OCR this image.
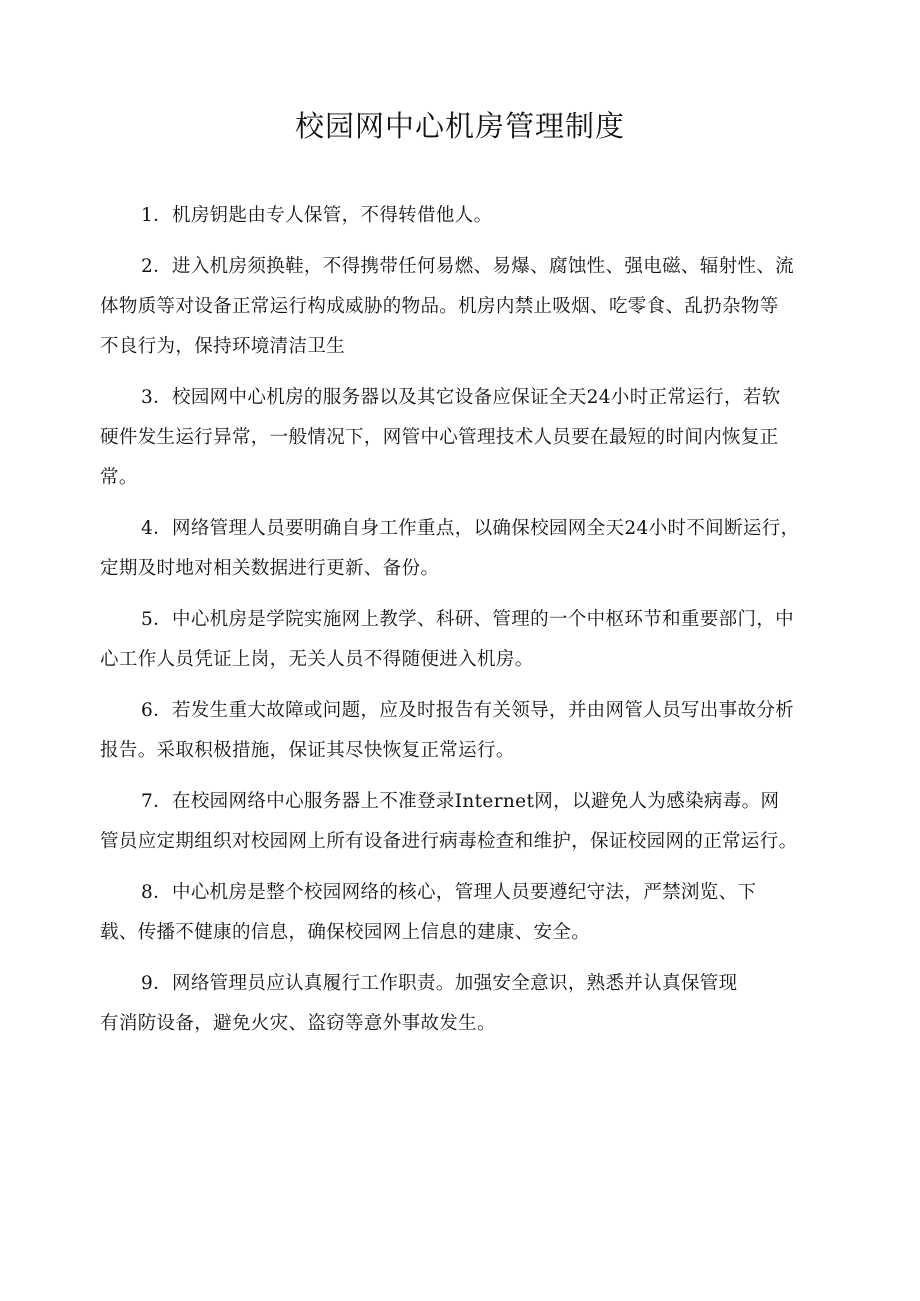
校园网中心机房管理制度

1．机房钥匙由专人保管，不得转借他人。

2．进入机房须换鞋，不得携带任何易燃、易爆、腐蚀性、强电磁、辐射性、流
体物质等对设备正常运行构成威胁的物品。机房内禁止吸烟、吃零食、乱扔杂物等
不良行为，保持环境清洁卫生

3．校园网中心机房的服务器以及其它设备应保证全天24小时正常运行，若软
硬件发生运行异常，一般情况下，网管中心管理技术人员要在最短的时间内恢复正
常。

4．网络管理人员要明确自身工作重点，以确保校园网全天24小时不间断运行，
定期及时地对相关数据进行更新、备份。

5．中心机房是学院实施网上教学、科研、管理的一个中枢环节和重要部门，中
心工作人员凭证上岗，无关人员不得随便进入机房。

6．若发生重大故障或问题，应及时报告有关领导，并由网管人员写出事故分析
报告。采取积极措施，保证其尽快恢复正常运行。

7．在校园网络中心服务器上不准登录Internet网，以避免人为感染病毒。网
管员应定期组织对校园网上所有设备进行病毒检查和维护，保证校园网的正常运行。

8．中心机房是整个校园网络的核心，管理人员要遵纪守法，严禁浏览、下
载、传播不健康的信息，确保校园网上信息的建康、安全。

9．网络管理员应认真履行工作职责。加强安全意识，熟悉并认真保管现
有消防设备，避免火灾、盗窃等意外事故发生。
